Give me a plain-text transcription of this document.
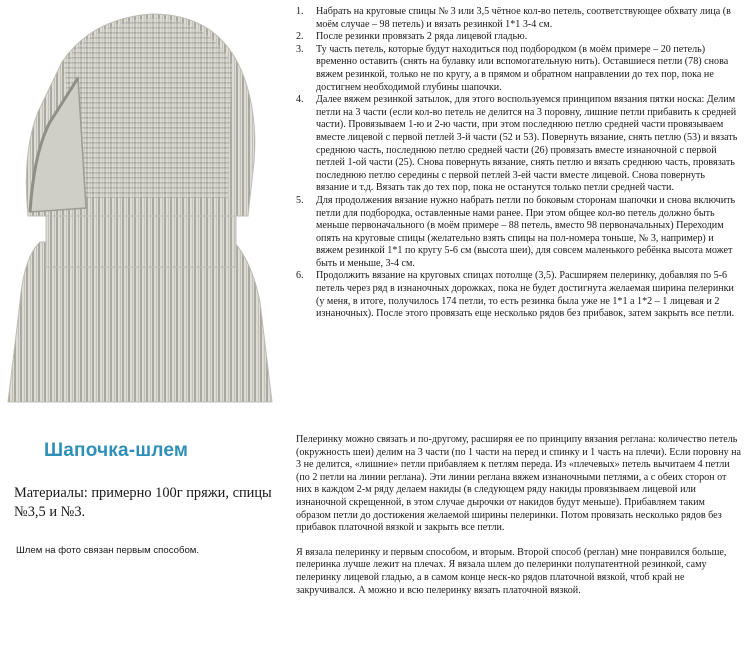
Шапочка-шлем

Материалы: примерно 100г пряжи, спицы №3,5 и №3.

Шлем на фото связан первым способом.

1.	Набрать на круговые спицы № 3 или 3,5 чётное кол-во петель, соответствующее обхвату лица (в моём случае – 98 петель) и вязать резинкой 1*1 3-4 см.
2.	После резинки провязать 2 ряда лицевой гладью.
3.	Ту часть петель, которые будут находиться под подбородком (в моём примере – 20 петель) временно оставить (снять на булавку или вспомогательную нить). Оставшиеся петли (78) снова вяжем резинкой, только не по кругу, а в прямом и обратном направлении до тех пор, пока не достигнем необходимой глубины шапочки.
4.	Далее вяжем резинкой затылок, для этого воспользуемся принципом вязания пятки носка: Делим петли на 3 части (если кол-во петель не делится на 3 поровну, лишние петли прибавить к средней части). Провязываем 1-ю и 2-ю части, при этом последнюю петлю средней части провязываем вместе лицевой с первой петлей 3-й части (52 и 53). Повернуть вязание, снять петлю (53) и вязать среднюю часть, последнюю петлю средней части (26) провязать вместе изнаночной с первой петлей 1-ой части (25). Снова повернуть вязание, снять петлю и вязать среднюю часть, провязать последнюю петлю середины с первой петлей 3-ей части вместе лицевой. Снова повернуть вязание и т.д. Вязать так до тех пор, пока не останутся только петли средней части.
5.	Для продолжения вязание нужно набрать петли по боковым сторонам шапочки и снова включить петли для подбородка, оставленные нами ранее. При этом общее кол-во петель должно быть меньше первоначального (в моём примере – 88 петель, вместо 98 первоначальных) Переходим опять на круговые спицы (желательно взять спицы на пол-номера тоньше, № 3, например) и вяжем резинкой 1*1 по кругу 5-6 см (высота шеи), для совсем маленького ребёнка высота может быть и меньше, 3-4 см.
6.	Продолжить вязание на круговых спицах потолще (3,5). Расширяем пелеринку, добавляя по 5-6 петель через ряд в изнаночных дорожках, пока не будет достигнута желаемая ширина пелеринки (у меня, в итоге, получилось 174 петли, то есть резинка была уже не 1*1 а 1*2 – 1 лицевая и 2 изнаночных). После этого провязать еще несколько рядов без прибавок, затем закрыть все петли.

Пелеринку можно связать и по-другому, расширяя ее по принципу вязания реглана: количество петель (окружность шеи) делим на 3 части (по 1 части на перед и спинку и 1 часть на плечи). Если поровну на 3 не делится, «лишние» петли прибавляем к петлям переда. Из «плечевых» петель вычитаем 4 петли (по 2 петли на линии реглана). Эти линии реглана вяжем изнаночными петлями, а с обеих сторон от них в каждом 2-м ряду делаем накиды (в следующем ряду накиды провязываем лицевой или изнаночной скрещенной, в этом случае дырочки от накидов будут меньше). Прибавляем таким образом петли до достижения желаемой ширины пелеринки. Потом провязать несколько рядов без прибавок платочной вязкой и закрыть все петли.

Я вязала пелеринку и первым способом, и вторым. Второй способ (реглан) мне понравился больше, пелеринка лучше лежит на плечах. Я вязала шлем до пелеринки полупатентной резинкой, саму пелеринку лицевой гладью, а в самом конце неск-ко рядов платочной вязкой, чтоб край не закручивался. А можно и всю пелеринку вязать платочной вязкой.
